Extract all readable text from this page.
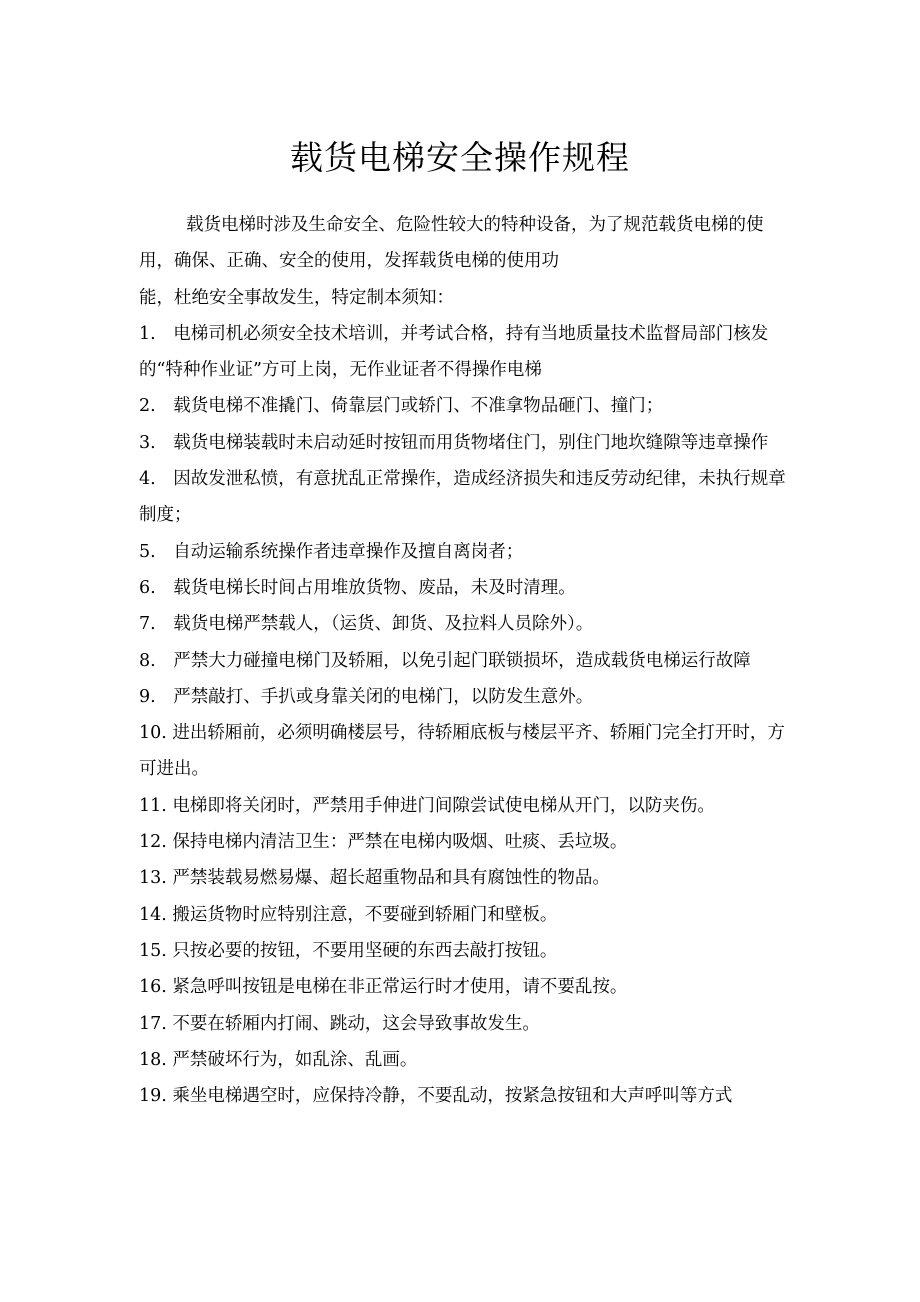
载货电梯安全操作规程

载货电梯时涉及生命安全、危险性较大的特种设备，为了规范载货电梯的使用，确保、正确、安全的使用，发挥载货电梯的使用功

能，杜绝安全事故发生，特定制本须知：

1.　电梯司机必须安全技术培训，并考试合格，持有当地质量技术监督局部门核发的“特种作业证”方可上岗，无作业证者不得操作电梯

2.　载货电梯不准撬门、倚靠层门或轿门、不准拿物品砸门、撞门；

3.　载货电梯装载时未启动延时按钮而用货物堵住门，别住门地坎缝隙等违章操作

4.　因故发泄私愤，有意扰乱正常操作，造成经济损失和违反劳动纪律，未执行规章制度；

5.　自动运输系统操作者违章操作及擅自离岗者；

6.　载货电梯长时间占用堆放货物、废品，未及时清理。

7.　载货电梯严禁载人，（运货、卸货、及拉料人员除外）。

8.　严禁大力碰撞电梯门及轿厢，以免引起门联锁损坏，造成载货电梯运行故障

9.　严禁敲打、手扒或身靠关闭的电梯门，以防发生意外。

10. 进出轿厢前，必须明确楼层号，待轿厢底板与楼层平齐、轿厢门完全打开时，方可进出。

11. 电梯即将关闭时，严禁用手伸进门间隙尝试使电梯从开门，以防夹伤。

12. 保持电梯内清洁卫生：严禁在电梯内吸烟、吐痰、丢垃圾。

13. 严禁装载易燃易爆、超长超重物品和具有腐蚀性的物品。

14. 搬运货物时应特别注意，不要碰到轿厢门和壁板。

15. 只按必要的按钮，不要用坚硬的东西去敲打按钮。

16. 紧急呼叫按钮是电梯在非正常运行时才使用，请不要乱按。

17. 不要在轿厢内打闹、跳动，这会导致事故发生。

18. 严禁破坏行为，如乱涂、乱画。

19. 乘坐电梯遇空时，应保持冷静，不要乱动，按紧急按钮和大声呼叫等方式
